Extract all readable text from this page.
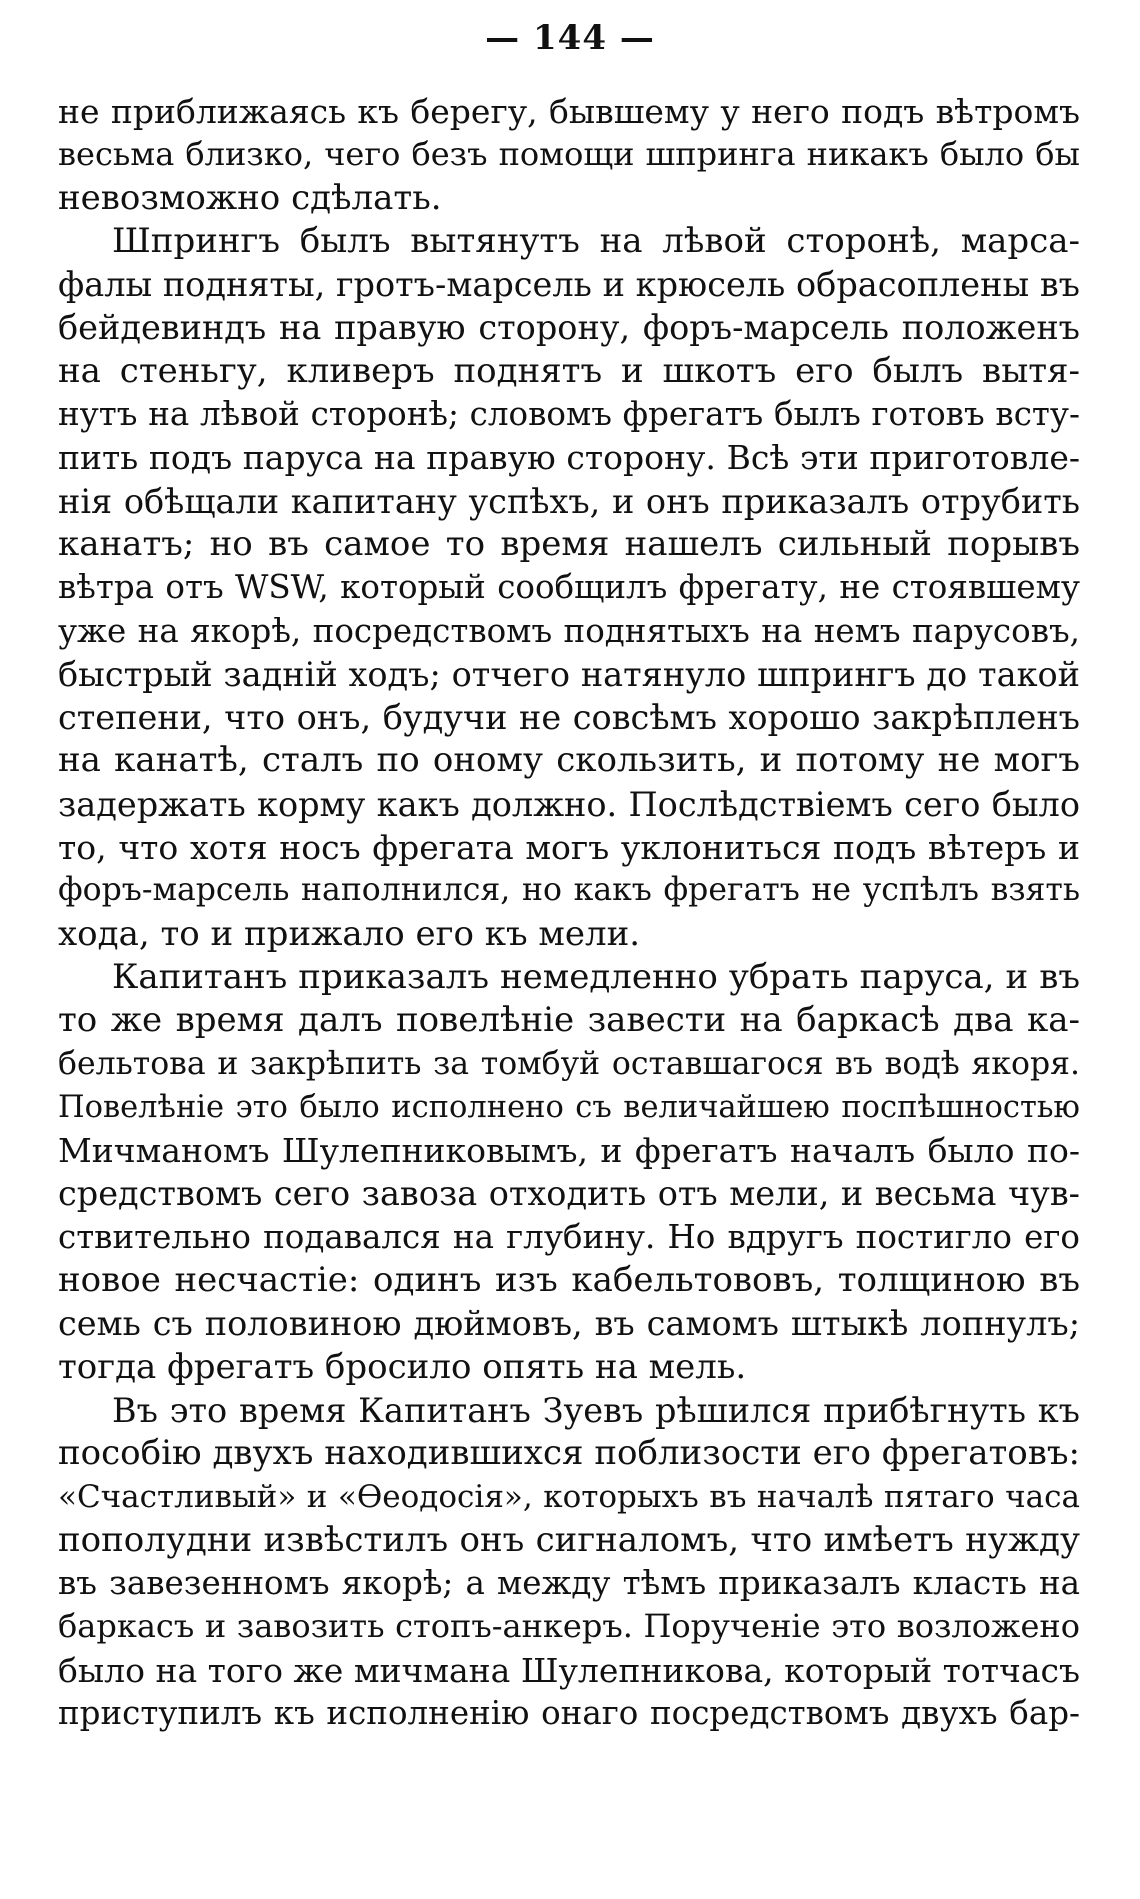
— 144 —
не приближаясь къ берегу, бывшему у него подъ вѣтромъ
весьма близко, чего безъ помощи шпринга никакъ было бы
невозможно сдѣлать.
Шпрингъ былъ вытянутъ на лѣвой сторонѣ, марса-
фалы подняты, гротъ-марсель и крюсель обрасоплены въ
бейдевиндъ на правую сторону, форъ-марсель положенъ
на стеньгу, кливеръ поднятъ и шкотъ его былъ вытя-
нутъ на лѣвой сторонѣ; словомъ фрегатъ былъ готовъ всту-
пить подъ паруса на правую сторону. Всѣ эти приготовле-
нія обѣщали капитану успѣхъ, и онъ приказалъ отрубить
канатъ; но въ самое то время нашелъ сильный порывъ
вѣтра отъ WSW, который сообщилъ фрегату, не стоявшему
уже на якорѣ, посредствомъ поднятыхъ на немъ парусовъ,
быстрый задній ходъ; отчего натянуло шпрингъ до такой
степени, что онъ, будучи не совсѣмъ хорошо закрѣпленъ
на канатѣ, сталъ по оному скользить, и потому не могъ
задержать корму какъ должно. Послѣдствіемъ сего было
то, что хотя носъ фрегата могъ уклониться подъ вѣтеръ и
форъ-марсель наполнился, но какъ фрегатъ не успѣлъ взять
хода, то и прижало его къ мели.
Капитанъ приказалъ немедленно убрать паруса, и въ
то же время далъ повелѣніе завести на баркасѣ два ка-
бельтова и закрѣпить за томбуй оставшагося въ водѣ якоря.
Повелѣніе это было исполнено съ величайшею поспѣшностью
Мичманомъ Шулепниковымъ, и фрегатъ началъ было по-
средствомъ сего завоза отходить отъ мели, и весьма чув-
ствительно подавался на глубину. Но вдругъ постигло его
новое несчастіе: одинъ изъ кабельтововъ, толщиною въ
семь съ половиною дюймовъ, въ самомъ штыкѣ лопнулъ;
тогда фрегатъ бросило опять на мель.
Въ это время Капитанъ Зуевъ рѣшился прибѣгнуть къ
пособію двухъ находившихся поблизости его фрегатовъ:
«Счастливый» и «Ѳеодосія», которыхъ въ началѣ пятаго часа
пополудни извѣстилъ онъ сигналомъ, что имѣетъ нужду
въ завезенномъ якорѣ; а между тѣмъ приказалъ класть на
баркасъ и завозить стопъ-анкеръ. Порученіе это возложено
было на того же мичмана Шулепникова, который тотчасъ
приступилъ къ исполненію онаго посредствомъ двухъ бар-
